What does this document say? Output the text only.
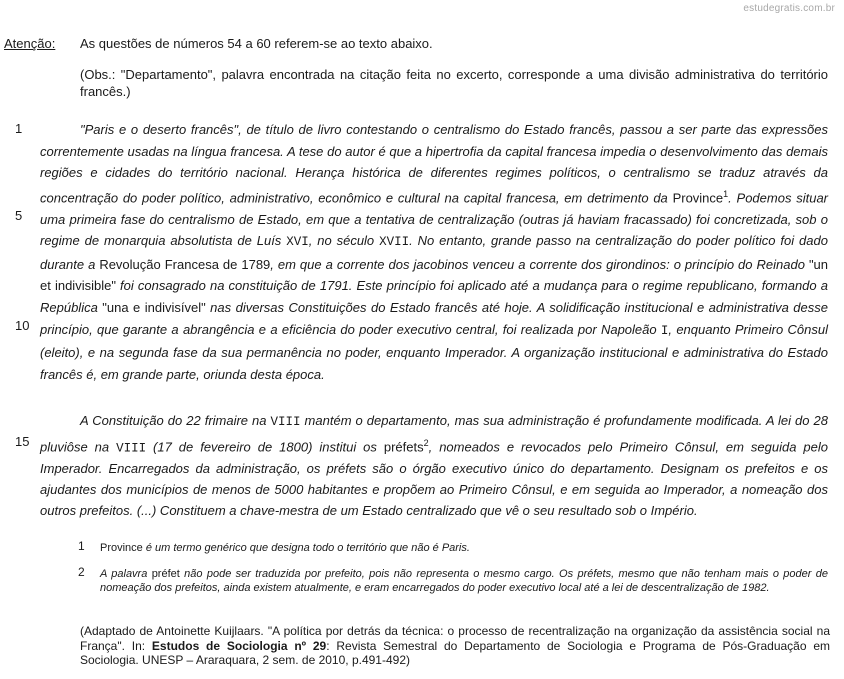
estudegratis.com.br
Atenção: As questões de números 54 a 60 referem-se ao texto abaixo.
(Obs.: "Departamento", palavra encontrada na citação feita no excerto, corresponde a uma divisão administrativa do território francês.)
1
5
10
15
"Paris e o deserto francês", de título de livro contestando o centralismo do Estado francês, passou a ser parte das expressões correntemente usadas na língua francesa. A tese do autor é que a hipertrofia da capital francesa impedia o desenvolvimento das demais regiões e cidades do território nacional. Herança histórica de diferentes regimes políticos, o centralismo se traduz através da concentração do poder político, administrativo, econômico e cultural na capital francesa, em detrimento da Province$^1$. Podemos situar uma primeira fase do centralismo de Estado, em que a tentativa de centralização (outras já haviam fracassado) foi concretizada, sob o regime de monarquia absolutista de Luís XVI, no século XVII. No entanto, grande passo na centralização do poder político foi dado durante a Revolução Francesa de 1789, em que a corrente dos jacobinos venceu a corrente dos girondinos: o princípio do Reinado "un et indivisible" foi consagrado na constituição de 1791. Este princípio foi aplicado até a mudança para o regime republicano, formando a República "una e indivisível" nas diversas Constituições do Estado francês até hoje. A solidificação institucional e administrativa desse princípio, que garante a abrangência e a eficiência do poder executivo central, foi realizada por Napoleão I, enquanto Primeiro Cônsul (eleito), e na segunda fase da sua permanência no poder, enquanto Imperador. A organização institucional e administrativa do Estado francês é, em grande parte, oriunda desta época.
A Constituição do 22 frimaire na VIII mantém o departamento, mas sua administração é profundamente modificada. A lei do 28 pluviôse na VIII (17 de fevereiro de 1800) institui os préfets$^2$, nomeados e revocados pelo Primeiro Cônsul, em seguida pelo Imperador. Encarregados da administração, os préfets são o órgão executivo único do departamento. Designam os prefeitos e os ajudantes dos municípios de menos de 5000 habitantes e propõem ao Primeiro Cônsul, e em seguida ao Imperador, a nomeação dos outros prefeitos. (...) Constituem a chave-mestra de um Estado centralizado que vê o seu resultado sob o Império.
1 Province é um termo genérico que designa todo o território que não é Paris.
2 A palavra préfet não pode ser traduzida por prefeito, pois não representa o mesmo cargo. Os préfets, mesmo que não tenham mais o poder de nomeação dos prefeitos, ainda existem atualmente, e eram encarregados do poder executivo local até a lei de descentralização de 1982.
(Adaptado de Antoinette Kuijlaars. "A política por detrás da técnica: o processo de recentralização na organização da assistência social na França". In: Estudos de Sociologia nº 29: Revista Semestral do Departamento de Sociologia e Programa de Pós-Graduação em Sociologia. UNESP – Araraquara, 2 sem. de 2010, p.491-492)
